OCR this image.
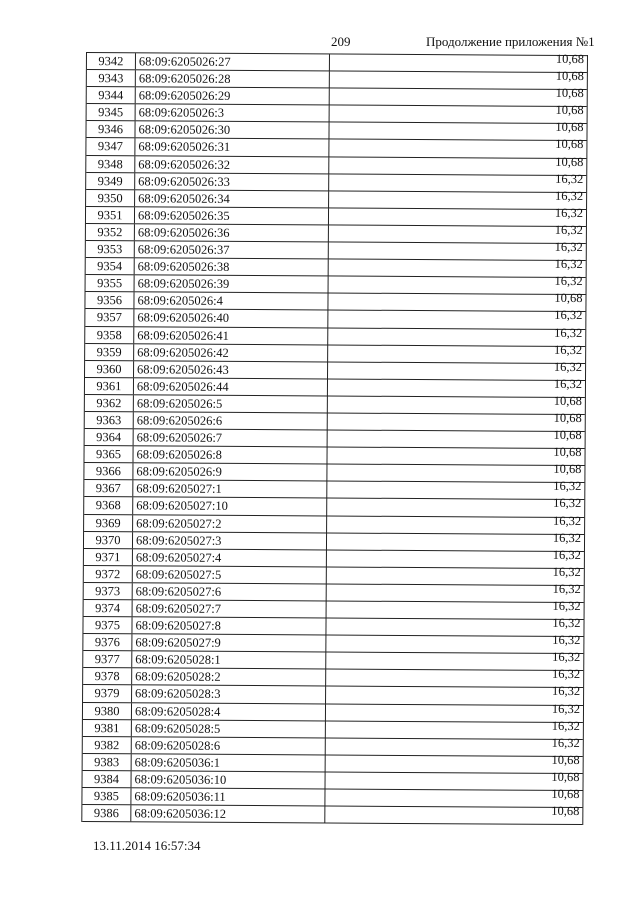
209	Продолжение приложения №1
9342	68:09:6205026:27	10,68
9343	68:09:6205026:28	10,68
9344	68:09:6205026:29	10,68
9345	68:09:6205026:3	10,68
9346	68:09:6205026:30	10,68
9347	68:09:6205026:31	10,68
9348	68:09:6205026:32	10,68
9349	68:09:6205026:33	16,32
9350	68:09:6205026:34	16,32
9351	68:09:6205026:35	16,32
9352	68:09:6205026:36	16,32
9353	68:09:6205026:37	16,32
9354	68:09:6205026:38	16,32
9355	68:09:6205026:39	16,32
9356	68:09:6205026:4	10,68
9357	68:09:6205026:40	16,32
9358	68:09:6205026:41	16,32
9359	68:09:6205026:42	16,32
9360	68:09:6205026:43	16,32
9361	68:09:6205026:44	16,32
9362	68:09:6205026:5	10,68
9363	68:09:6205026:6	10,68
9364	68:09:6205026:7	10,68
9365	68:09:6205026:8	10,68
9366	68:09:6205026:9	10,68
9367	68:09:6205027:1	16,32
9368	68:09:6205027:10	16,32
9369	68:09:6205027:2	16,32
9370	68:09:6205027:3	16,32
9371	68:09:6205027:4	16,32
9372	68:09:6205027:5	16,32
9373	68:09:6205027:6	16,32
9374	68:09:6205027:7	16,32
9375	68:09:6205027:8	16,32
9376	68:09:6205027:9	16,32
9377	68:09:6205028:1	16,32
9378	68:09:6205028:2	16,32
9379	68:09:6205028:3	16,32
9380	68:09:6205028:4	16,32
9381	68:09:6205028:5	16,32
9382	68:09:6205028:6	16,32
9383	68:09:6205036:1	10,68
9384	68:09:6205036:10	10,68
9385	68:09:6205036:11	10,68
9386	68:09:6205036:12	10,68
13.11.2014 16:57:34
